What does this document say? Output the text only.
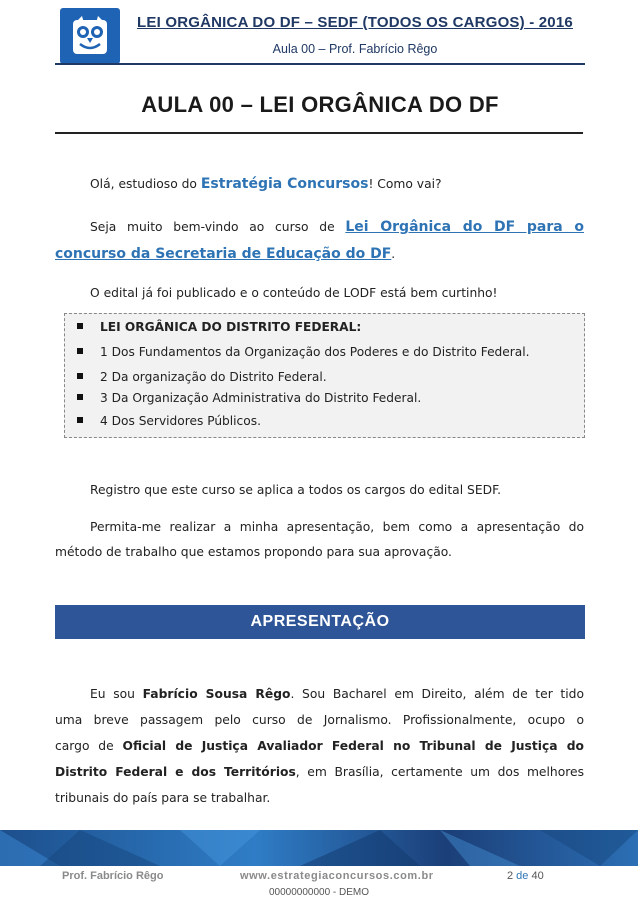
LEI ORGÂNICA DO DF – SEDF (TODOS OS CARGOS) - 2016
Aula 00 – Prof. Fabrício Rêgo
AULA 00 – LEI ORGÂNICA DO DF
Olá, estudioso do Estratégia Concursos! Como vai?
Seja muito bem-vindo ao curso de Lei Orgânica do DF para o
concurso da Secretaria de Educação do DF.
O edital já foi publicado e o conteúdo de LODF está bem curtinho!
LEI ORGÂNICA DO DISTRITO FEDERAL:
1 Dos Fundamentos da Organização dos Poderes e do Distrito Federal.
2 Da organização do Distrito Federal.
3 Da Organização Administrativa do Distrito Federal.
4 Dos Servidores Públicos.
Registro que este curso se aplica a todos os cargos do edital SEDF.
Permita-me realizar a minha apresentação, bem como a apresentação do
método de trabalho que estamos propondo para sua aprovação.
APRESENTAÇÃO
Eu sou Fabrício Sousa Rêgo. Sou Bacharel em Direito, além de ter tido
uma breve passagem pelo curso de Jornalismo. Profissionalmente, ocupo o
cargo de Oficial de Justiça Avaliador Federal no Tribunal de Justiça do
Distrito Federal e dos Territórios, em Brasília, certamente um dos melhores
tribunais do país para se trabalhar.
Prof. Fabrício Rêgo	www.estrategiaconcursos.com.br	2 de 40
00000000000 - DEMO
